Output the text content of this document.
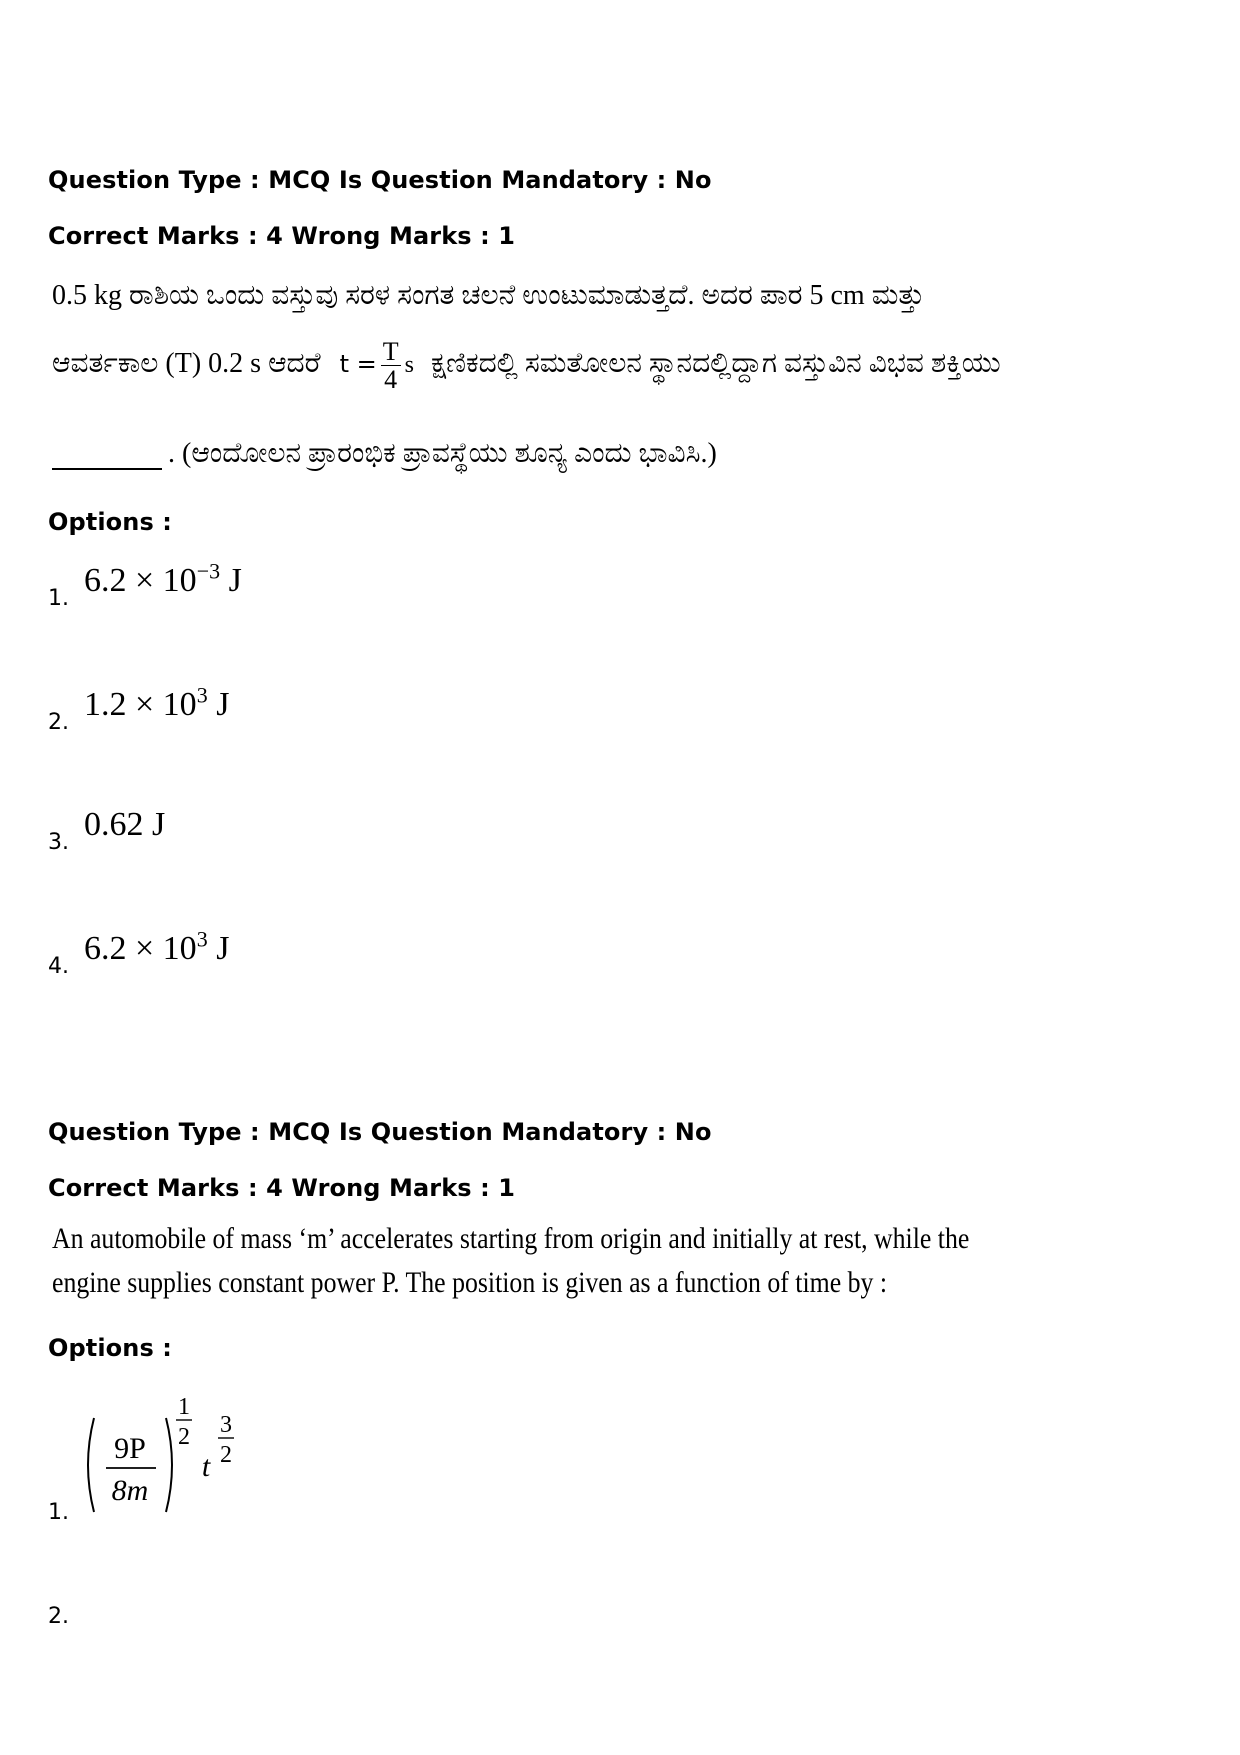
Question Type : MCQ Is Question Mandatory : No
Correct Marks : 4 Wrong Marks : 1
0.5 kg ರಾಶಿಯ ಒಂದು ವಸ್ತುವು ಸರಳ ಸಂಗತ ಚಲನೆ ಉಂಟುಮಾಡುತ್ತದೆ. ಅದರ ಪಾರ 5 cm ಮತ್ತು
ಆವರ್ತಕಾಲ (T) 0.2 s ಆದರೆ $t = \frac{T}{4}$ s ಕ್ಷಣಿಕದಲ್ಲಿ ಸಮತೋಲನ ಸ್ಥಾನದಲ್ಲಿದ್ದಾಗ ವಸ್ತುವಿನ ವಿಭವ ಶಕ್ತಿಯು
. (ಆಂದೋಲನ ಪ್ರಾರಂಭಿಕ ಪ್ರಾವಸ್ಥೆಯು ಶೂನ್ಯ ಎಂದು ಭಾವಿಸಿ.)
Options :
1. $6.2 \times 10^{-3}$ J
2. $1.2 \times 10^3$ J
3. 0.62 J
4. $6.2 \times 10^3$ J
Question Type : MCQ Is Question Mandatory : No
Correct Marks : 4 Wrong Marks : 1
An automobile of mass ‘m’ accelerates starting from origin and initially at rest, while the
engine supplies constant power P. The position is given as a function of time by :
Options :
1.
9P
8m
1
2
t
3
2
2.
